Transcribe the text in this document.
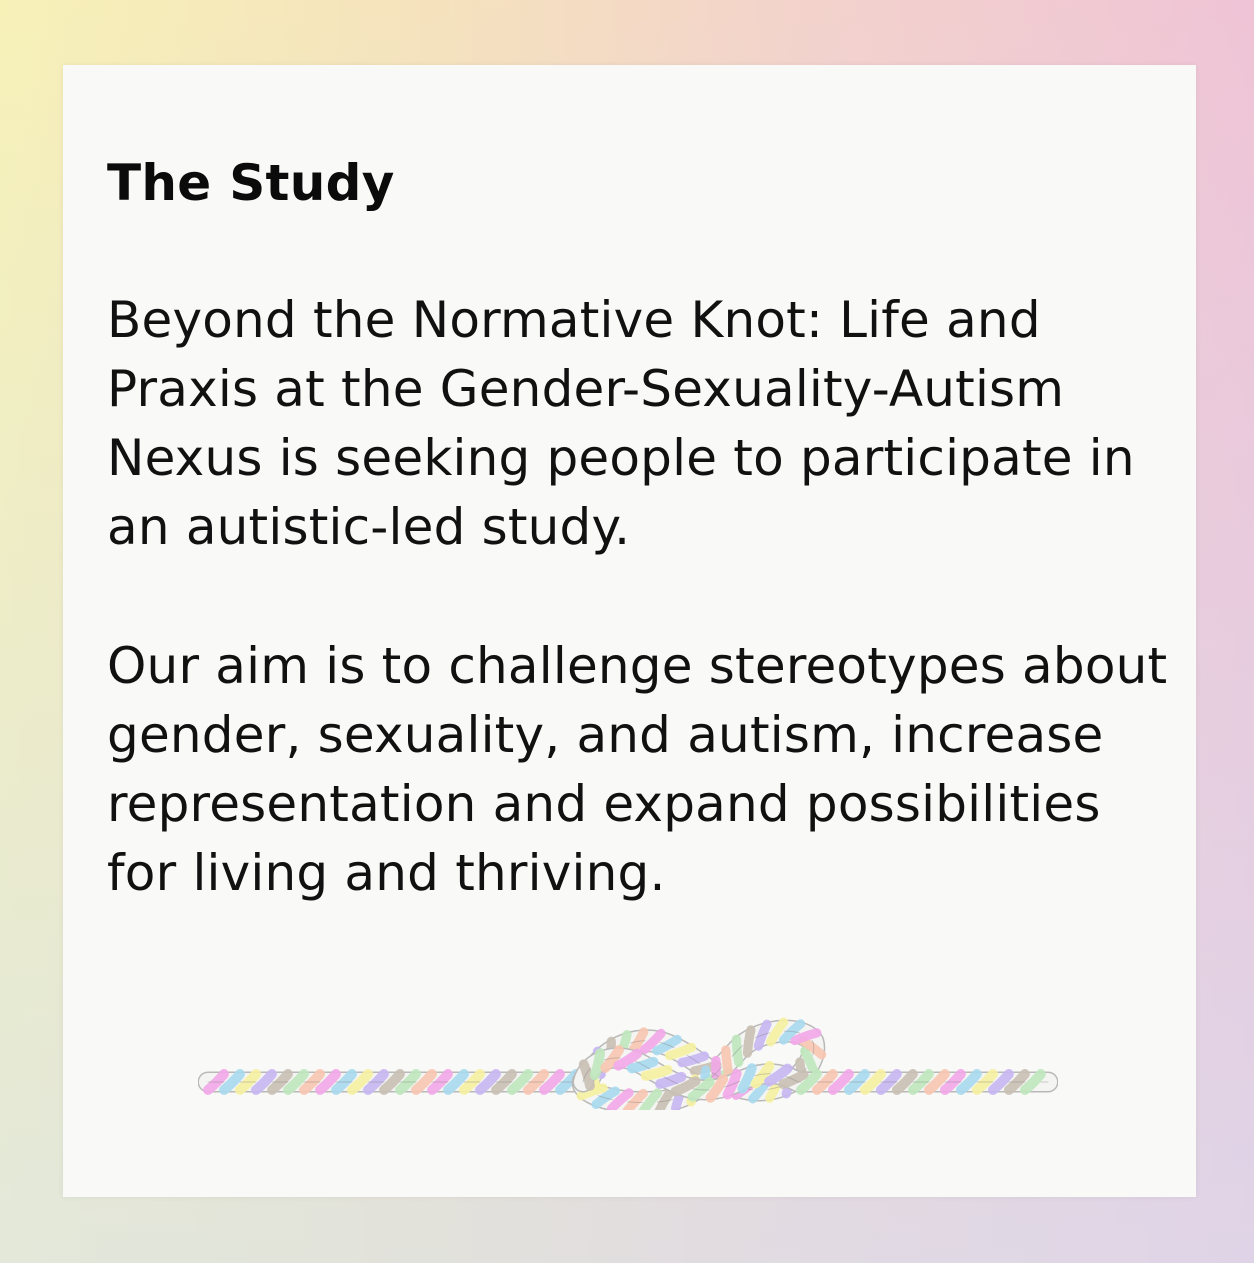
The Study

Beyond the Normative Knot: Life and
Praxis at the Gender-Sexuality-Autism
Nexus is seeking people to participate in
an autistic-led study.

Our aim is to challenge stereotypes about
gender, sexuality, and autism, increase
representation and expand possibilities
for living and thriving.
